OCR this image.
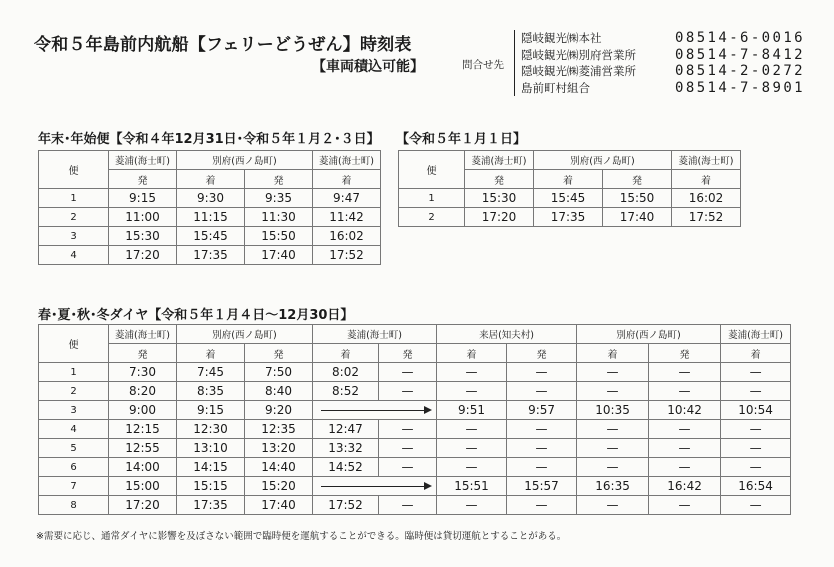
令和５年島前内航船【フェリーどうぜん】時刻表
【車両積込可能】	問合せ先
隠岐観光㈱本社	08514-6-0016
隠岐観光㈱別府営業所	08514-7-8412
隠岐観光㈱菱浦営業所	08514-2-0272
島前町村組合	08514-7-8901
年末･年始便【令和４年12月31日･令和５年１月２･３日】
便	菱浦(海士町)	別府(西ノ島町)		菱浦(海士町)
	発	着	発	着
1	9:15	9:30	9:35	9:47
2	11:00	11:15	11:30	11:42
3	15:30	15:45	15:50	16:02
4	17:20	17:35	17:40	17:52
【令和５年１月１日】
便	菱浦(海士町)	別府(西ノ島町)		菱浦(海士町)
	発	着	発	着
1	15:30	15:45	15:50	16:02
2	17:20	17:35	17:40	17:52
春･夏･秋･冬ダイヤ【令和５年１月４日〜12月30日】
便	菱浦(海士町)	別府(西ノ島町)		菱浦(海士町)		来居(知夫村)		別府(西ノ島町)		菱浦(海士町)
	発	着	発	着	発	着	発	着	発	着
1	7:30	7:45	7:50	8:02	—	—	—	—	—	—
2	8:20	8:35	8:40	8:52	—	—	—	—	—	—
3	9:00	9:15	9:20			9:51	9:57	10:35	10:42	10:54
4	12:15	12:30	12:35	12:47	—	—	—	—	—	—
5	12:55	13:10	13:20	13:32	—	—	—	—	—	—
6	14:00	14:15	14:40	14:52	—	—	—	—	—	—
7	15:00	15:15	15:20			15:51	15:57	16:35	16:42	16:54
8	17:20	17:35	17:40	17:52	—	—	—	—	—	—
※需要に応じ、通常ダイヤに影響を及ぼさない範囲で臨時便を運航することができる。臨時便は貸切運航とすることがある。
